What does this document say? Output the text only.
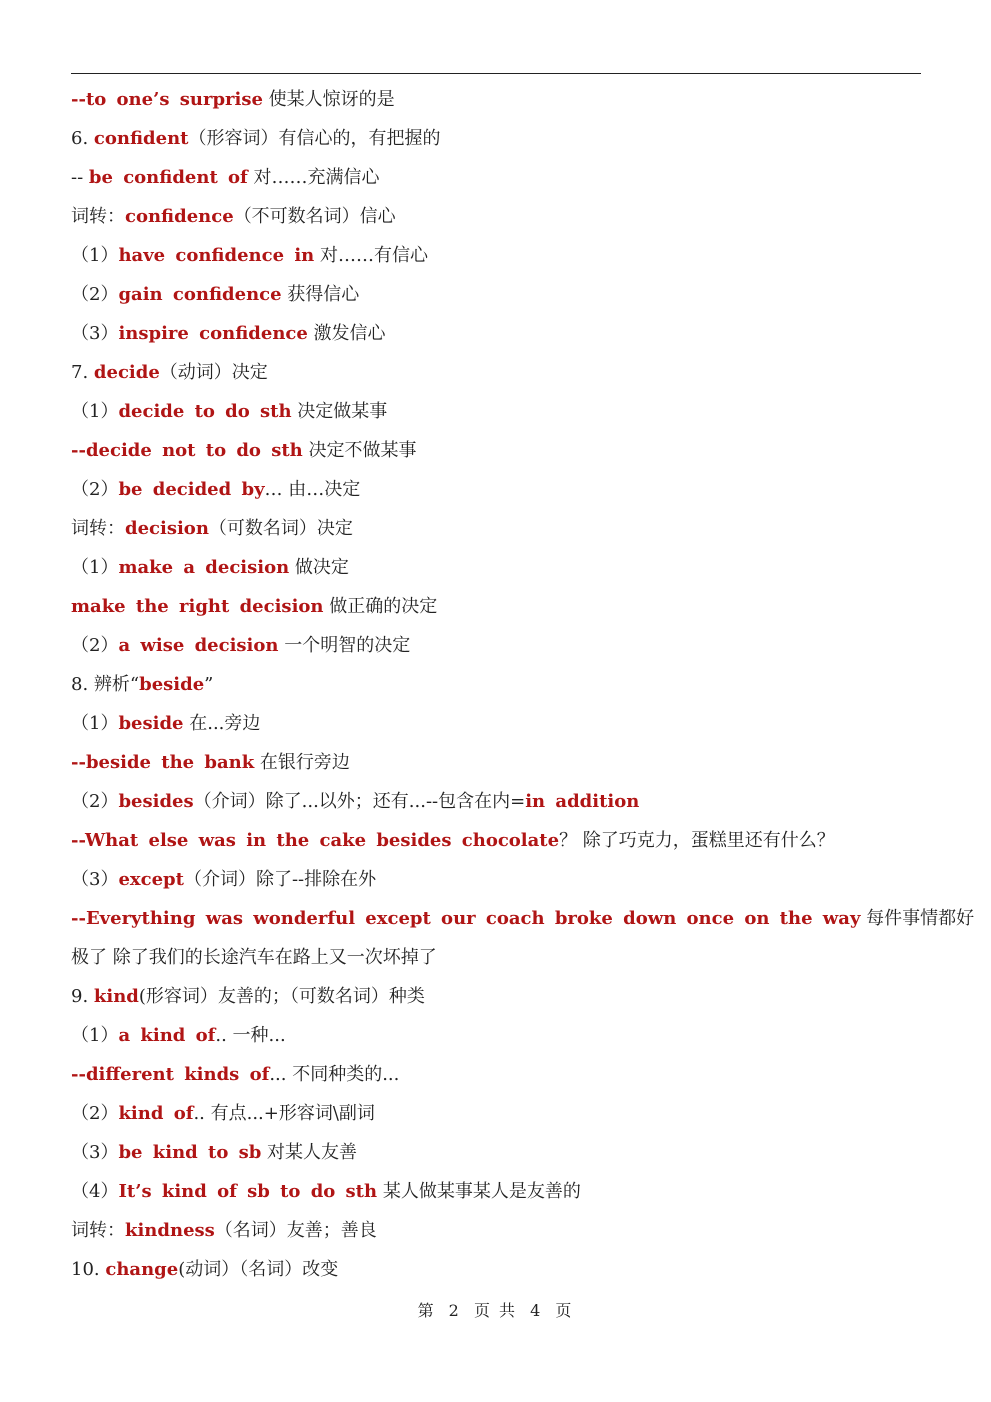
--to one’s surprise 使某人惊讶的是
6. confident（形容词）有信心的，有把握的
-- be confident of 对……充满信心
词转：confidence（不可数名词）信心
（1）have confidence in 对……有信心
（2）gain confidence 获得信心
（3）inspire confidence 激发信心
7. decide（动词）决定
（1）decide to do sth 决定做某事
--decide not to do sth 决定不做某事
（2）be decided by… 由…决定
词转：decision（可数名词）决定
（1）make a decision 做决定
make the right decision 做正确的决定
（2）a wise decision 一个明智的决定
8. 辨析“beside”
（1）beside 在...旁边
--beside the bank 在银行旁边
（2）besides（介词）除了...以外；还有...--包含在内=in addition
--What else was in the cake besides chocolate？ 除了巧克力，蛋糕里还有什么？
（3）except（介词）除了--排除在外
--Everything was wonderful except our coach broke down once on the way 每件事情都好
极了 除了我们的长途汽车在路上又一次坏掉了
9. kind(形容词）友善的；（可数名词）种类
（1）a kind of.. 一种...
--different kinds of... 不同种类的...
（2）kind of.. 有点...+形容词\副词
（3）be kind to sb 对某人友善
（4）It’s kind of sb to do sth 某人做某事某人是友善的
词转：kindness（名词）友善；善良
10. change(动词）（名词）改变
第 2 页 共 4 页
